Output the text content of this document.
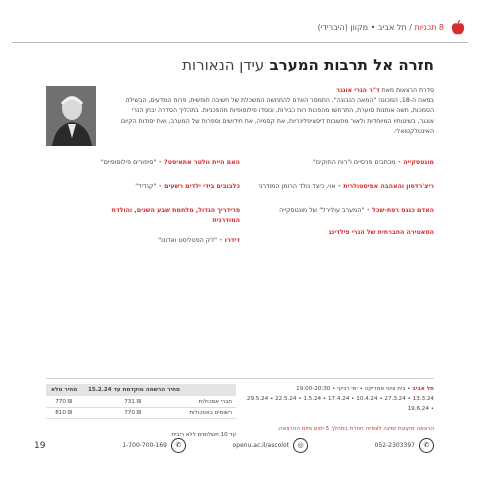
8 תכניות / תל אביב • מקוון (היברידי)
חזרה אל תרבות המערב עידן הנאורות
סדרת הרצאות מאת ד"ר הנרי אונגר
במאה ה-18, המכונה "המאה הנבונה", התמסר האדם להתחשה המשכלת של חשיבה חופשית, פרוח המדעים, הבשילה הסמכות, חשה אותנות סוערת, התרחשו מהפכות רוח כבירות, ונוסדו פילוסופיות מהפכניות. בתהליך הסדרה יבחן הנרי אונגר, בשיטותיו המיוחדות ולאור מחשבות דיסציפלינריות, את קסמיה, את חידושים וספרות של המערב, ואת יסודות הקיום האינטלקטואלי.
האם היית וולטר אתאיסט? • "סיפורים פילוסופיים"
כלבובים בידי ילדים רשעים • "קנדיד"
פרידריך הגדול, מלחמת שבע השנים, והולדת המודרנית
דידרו • "ז'ק הפטליסט ואדונו"
מונטסקייה • מכתבים פרסיים ו"רוח החוקים"
ריצ'רדסון והאהבה אפיסטולרית • אוי, כיצד נולד הרומן המודרני
האדם כנגס רפת-שכל • "המערב עולירל" של מונטסקייה
הסאטירה החברתית של הנרי פילדינג
תל אביב • בית ציוני אמריקה • ימי רביעי • 19:00-20:30
13.3.24 • 27.3.24 • 10.4.24 • 17.4.24 • 1.5.24 • 22.5.24 • 29.5.24 • 19.6.24
הרצאה מקוונת זמינה לצפייה חוזרת במהלך 5 ימים מיום ההרצאה.
	מחיר הרשמה מוקדמת עד 15.2.24	מחיר מלא
חברי אסכולות	731 ₪	770 ₪
רשומים באסכולות	770 ₪	810 ₪
עד 10 תשלומים ללא ריבית
052-2303397	✆
openu.ac.il/ascolot	◎
1-700-700-169	✆
19
